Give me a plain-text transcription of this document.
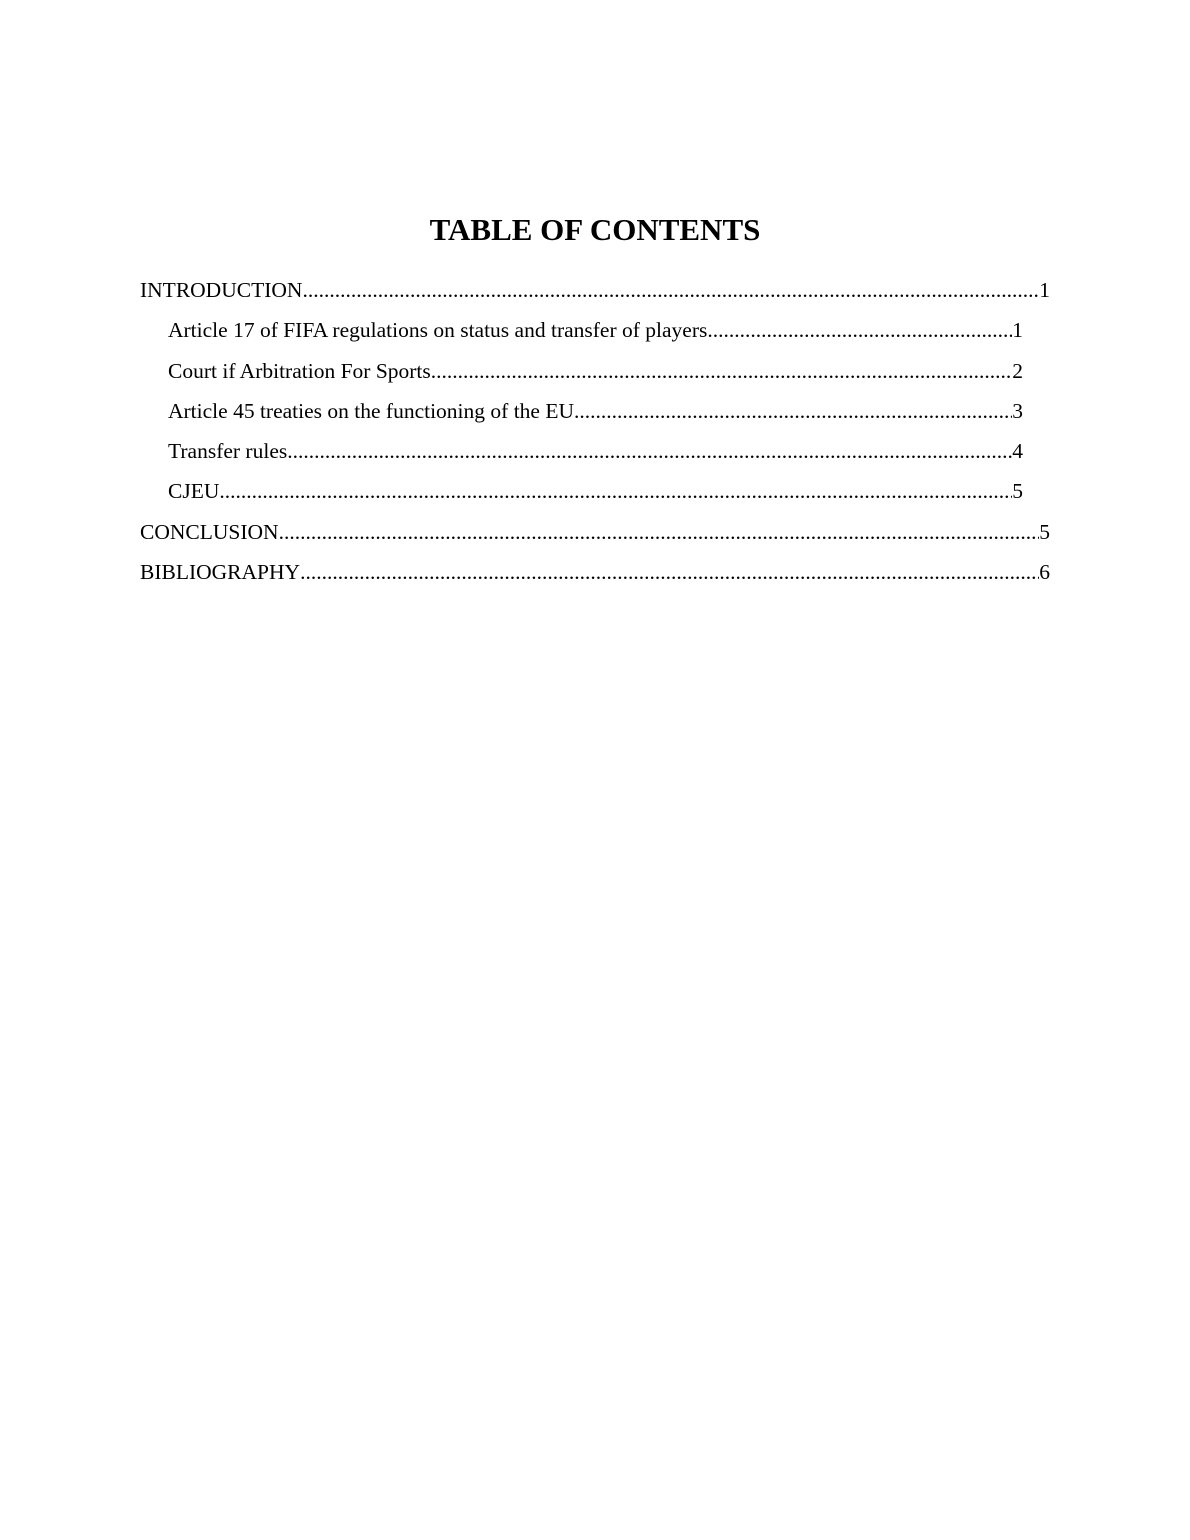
TABLE OF CONTENTS
INTRODUCTION .....	1
Article 17 of FIFA regulations on status and transfer of players .....	1
Court if Arbitration For Sports .....	2
Article 45 treaties on the functioning of the EU .....	3
Transfer rules .....	4
CJEU .....	5
CONCLUSION .....	5
BIBLIOGRAPHY .....	6
